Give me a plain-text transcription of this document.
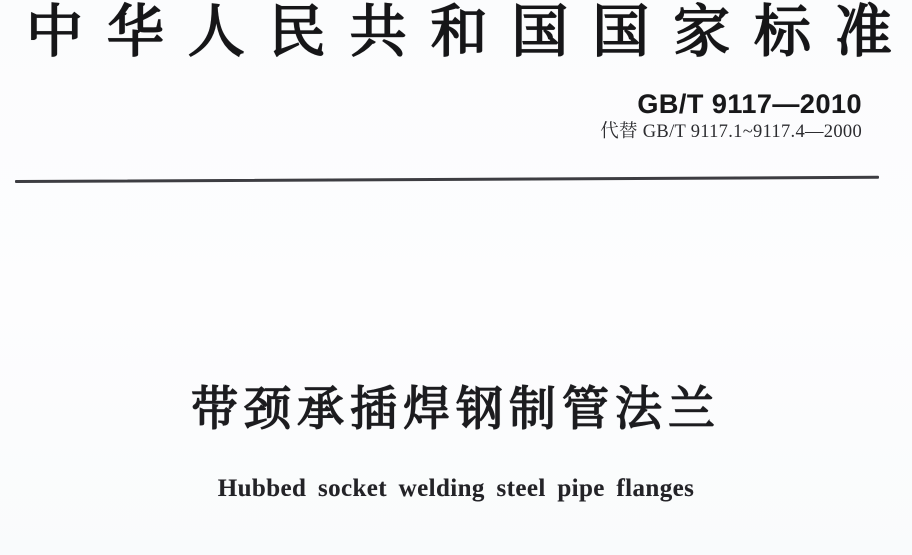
中 华 人 民 共 和 国 国 家 标 准
GB/T 9117—2010
代替 GB/T 9117.1~9117.4—2000
带颈承插焊钢制管法兰

Hubbed socket welding steel pipe flanges
